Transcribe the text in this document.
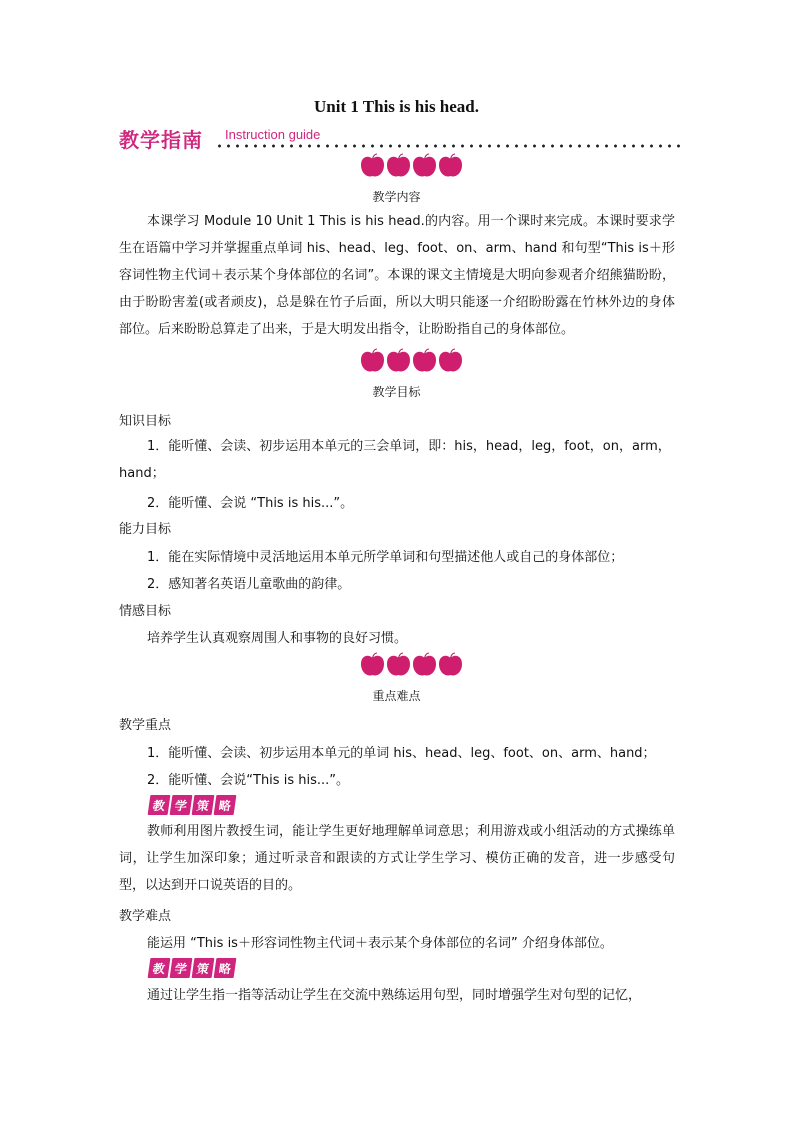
Unit 1 This is his head.
教学指南 Instruction guide
教学内容
本课学习 Module 10 Unit 1 This is his head.的内容。用一个课时来完成。本课时要求学生在语篇中学习并掌握重点单词 his、head、leg、foot、on、arm、hand 和句型“This is＋形容词性物主代词＋表示某个身体部位的名词”。本课的课文主情境是大明向参观者介绍熊猫盼盼，由于盼盼害羞(或者顽皮)，总是躲在竹子后面，所以大明只能逐一介绍盼盼露在竹林外边的身体部位。后来盼盼总算走了出来，于是大明发出指令，让盼盼指自己的身体部位。
教学目标
知识目标
1．能听懂、会读、初步运用本单元的三会单词，即：his，head，leg，foot，on，arm，
hand；
2．能听懂、会说 “This is his...”。
能力目标
1．能在实际情境中灵活地运用本单元所学单词和句型描述他人或自己的身体部位；
2．感知著名英语儿童歌曲的韵律。
情感目标
培养学生认真观察周围人和事物的良好习惯。
重点难点
教学重点
1．能听懂、会读、初步运用本单元的单词 his、head、leg、foot、on、arm、hand；
2．能听懂、会说“This is his...”。
教 学 策 略
教师利用图片教授生词，能让学生更好地理解单词意思；利用游戏或小组活动的方式操练单词，让学生加深印象；通过听录音和跟读的方式让学生学习、模仿正确的发音，进一步感受句型，以达到开口说英语的目的。
教学难点
能运用 “This is＋形容词性物主代词＋表示某个身体部位的名词” 介绍身体部位。
教 学 策 略
通过让学生指一指等活动让学生在交流中熟练运用句型，同时增强学生对句型的记忆，
